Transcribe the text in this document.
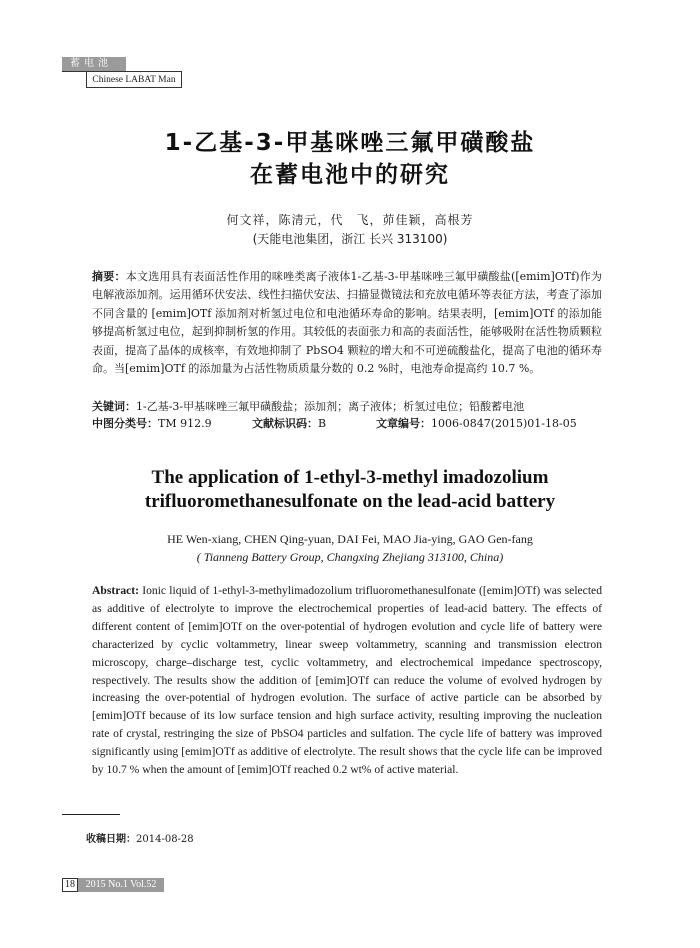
蓄电池
Chinese LABAT Man
1-乙基-3-甲基咪唑三氟甲磺酸盐
在蓄电池中的研究
何文祥，陈清元，代　飞，茆佳颖，高根芳
(天能电池集团，浙江 长兴 313100)
摘要：本文选用具有表面活性作用的咪唑类离子液体1-乙基-3-甲基咪唑三氟甲磺酸盐([emim]OTf)作为电解液添加剂。运用循环伏安法、线性扫描伏安法、扫描显微镜法和充放电循环等表征方法，考查了添加不同含量的 [emim]OTf 添加剂对析氢过电位和电池循环寿命的影响。结果表明，[emim]OTf 的添加能够提高析氢过电位，起到抑制析氢的作用。其较低的表面张力和高的表面活性，能够吸附在活性物质颗粒表面，提高了晶体的成核率，有效地抑制了 PbSO4 颗粒的增大和不可逆硫酸盐化，提高了电池的循环寿命。当[emim]OTf 的添加量为占活性物质质量分数的 0.2 %时，电池寿命提高约 10.7 %。
关键词：1-乙基-3-甲基咪唑三氟甲磺酸盐；添加剂；离子液体；析氢过电位；铅酸蓄电池
中图分类号：TM 912.9	文献标识码：B	文章编号：1006-0847(2015)01-18-05
The application of 1-ethyl-3-methyl imadozolium
trifluoromethanesulfonate on the lead-acid battery
HE Wen-xiang, CHEN Qing-yuan, DAI Fei, MAO Jia-ying, GAO Gen-fang
( Tianneng Battery Group, Changxing Zhejiang 313100, China)
Abstract: Ionic liquid of 1-ethyl-3-methylimadozolium trifluoromethanesulfonate ([emim]OTf) was selected as additive of electrolyte to improve the electrochemical properties of lead-acid battery. The effects of different content of [emim]OTf on the over-potential of hydrogen evolution and cycle life of battery were characterized by cyclic voltammetry, linear sweep voltammetry, scanning and transmission electron microscopy, charge–discharge test, cyclic voltammetry, and electrochemical impedance spectroscopy, respectively. The results show the addition of [emim]OTf can reduce the volume of evolved hydrogen by increasing the over-potential of hydrogen evolution. The surface of active particle can be absorbed by [emim]OTf because of its low surface tension and high surface activity, resulting improving the nucleation rate of crystal, restringing the size of PbSO4 particles and sulfation. The cycle life of battery was improved significantly using [emim]OTf as additive of electrolyte. The result shows that the cycle life can be improved by 10.7 % when the amount of [emim]OTf reached 0.2 wt% of active material.
收稿日期：2014-08-28
18	2015 No.1 Vol.52
